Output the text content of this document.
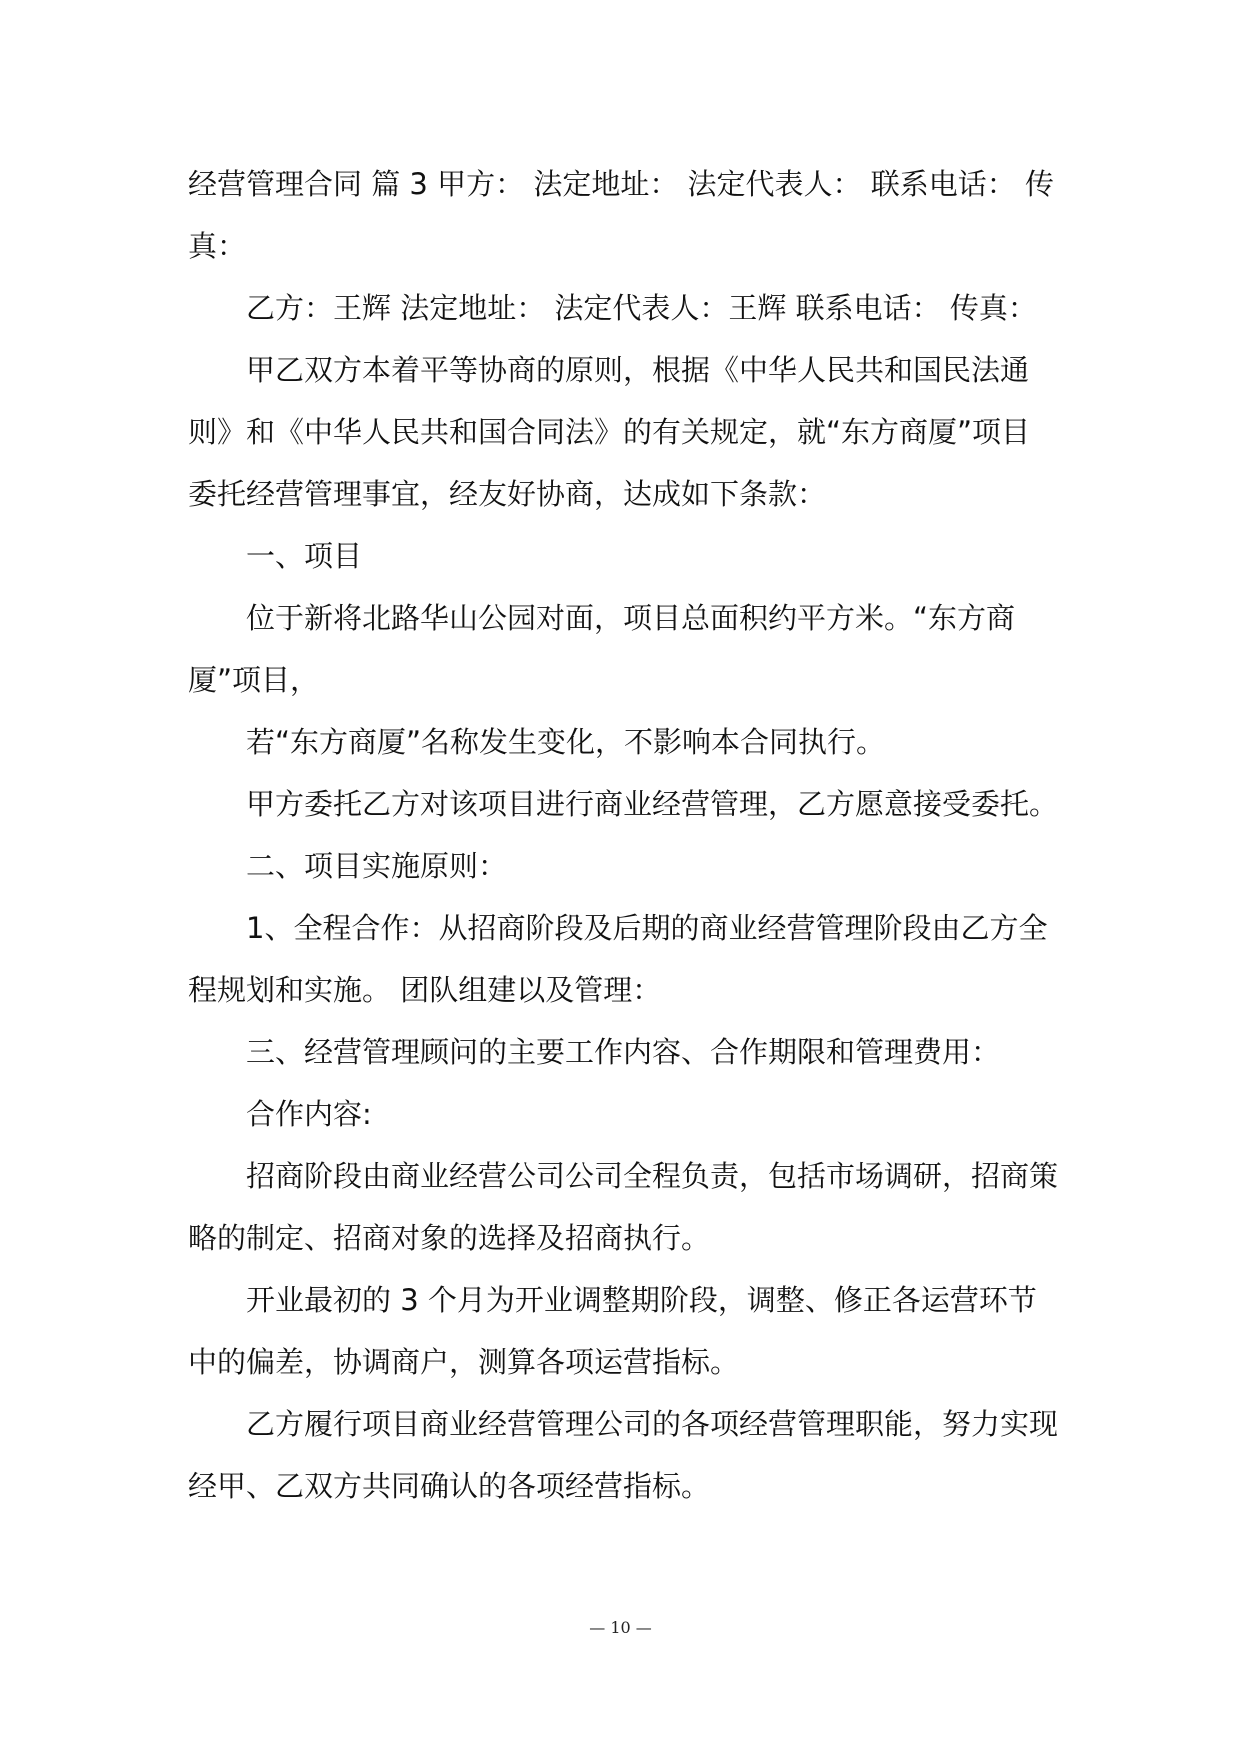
经营管理合同 篇 3 甲方： 法定地址： 法定代表人： 联系电话： 传真：

乙方：王辉 法定地址： 法定代表人：王辉 联系电话： 传真：

甲乙双方本着平等协商的原则，根据《中华人民共和国民法通则》和《中华人民共和国合同法》的有关规定，就“东方商厦”项目委托经营管理事宜，经友好协商，达成如下条款：

一、项目

位于新将北路华山公园对面，项目总面积约平方米。“东方商厦”项目，

若“东方商厦”名称发生变化，不影响本合同执行。

甲方委托乙方对该项目进行商业经营管理，乙方愿意接受委托。

二、项目实施原则：

1、全程合作：从招商阶段及后期的商业经营管理阶段由乙方全程规划和实施。 团队组建以及管理：

三、经营管理顾问的主要工作内容、合作期限和管理费用：

合作内容:

招商阶段由商业经营公司公司全程负责，包括市场调研，招商策略的制定、招商对象的选择及招商执行。

开业最初的 3 个月为开业调整期阶段，调整、修正各运营环节中的偏差，协调商户，测算各项运营指标。

乙方履行项目商业经营管理公司的各项经营管理职能，努力实现经甲、乙双方共同确认的各项经营指标。

— 10 —
